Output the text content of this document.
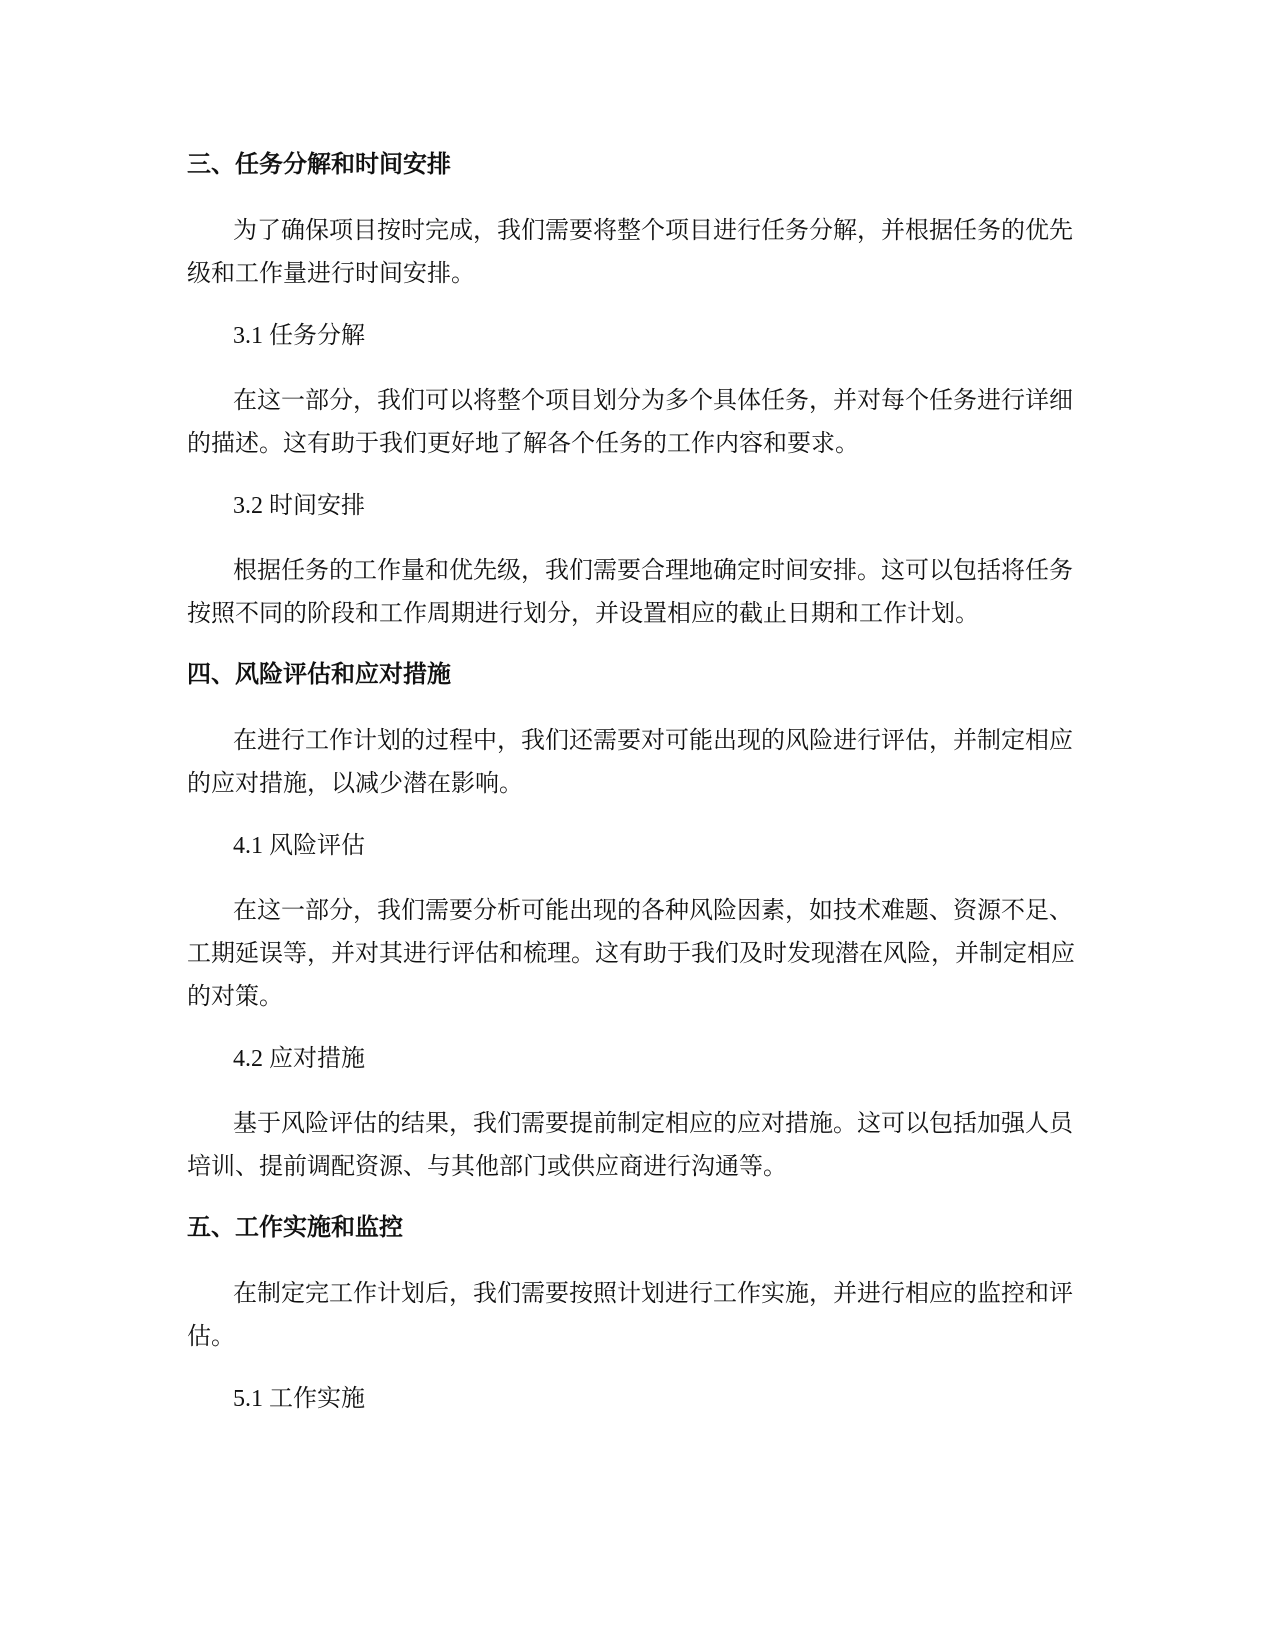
三、任务分解和时间安排

为了确保项目按时完成，我们需要将整个项目进行任务分解，并根据任务的优先级和工作量进行时间安排。

3.1 任务分解

在这一部分，我们可以将整个项目划分为多个具体任务，并对每个任务进行详细的描述。这有助于我们更好地了解各个任务的工作内容和要求。

3.2 时间安排

根据任务的工作量和优先级，我们需要合理地确定时间安排。这可以包括将任务按照不同的阶段和工作周期进行划分，并设置相应的截止日期和工作计划。

四、风险评估和应对措施

在进行工作计划的过程中，我们还需要对可能出现的风险进行评估，并制定相应的应对措施，以减少潜在影响。

4.1 风险评估

在这一部分，我们需要分析可能出现的各种风险因素，如技术难题、资源不足、工期延误等，并对其进行评估和梳理。这有助于我们及时发现潜在风险，并制定相应的对策。

4.2 应对措施

基于风险评估的结果，我们需要提前制定相应的应对措施。这可以包括加强人员培训、提前调配资源、与其他部门或供应商进行沟通等。

五、工作实施和监控

在制定完工作计划后，我们需要按照计划进行工作实施，并进行相应的监控和评估。

5.1 工作实施
